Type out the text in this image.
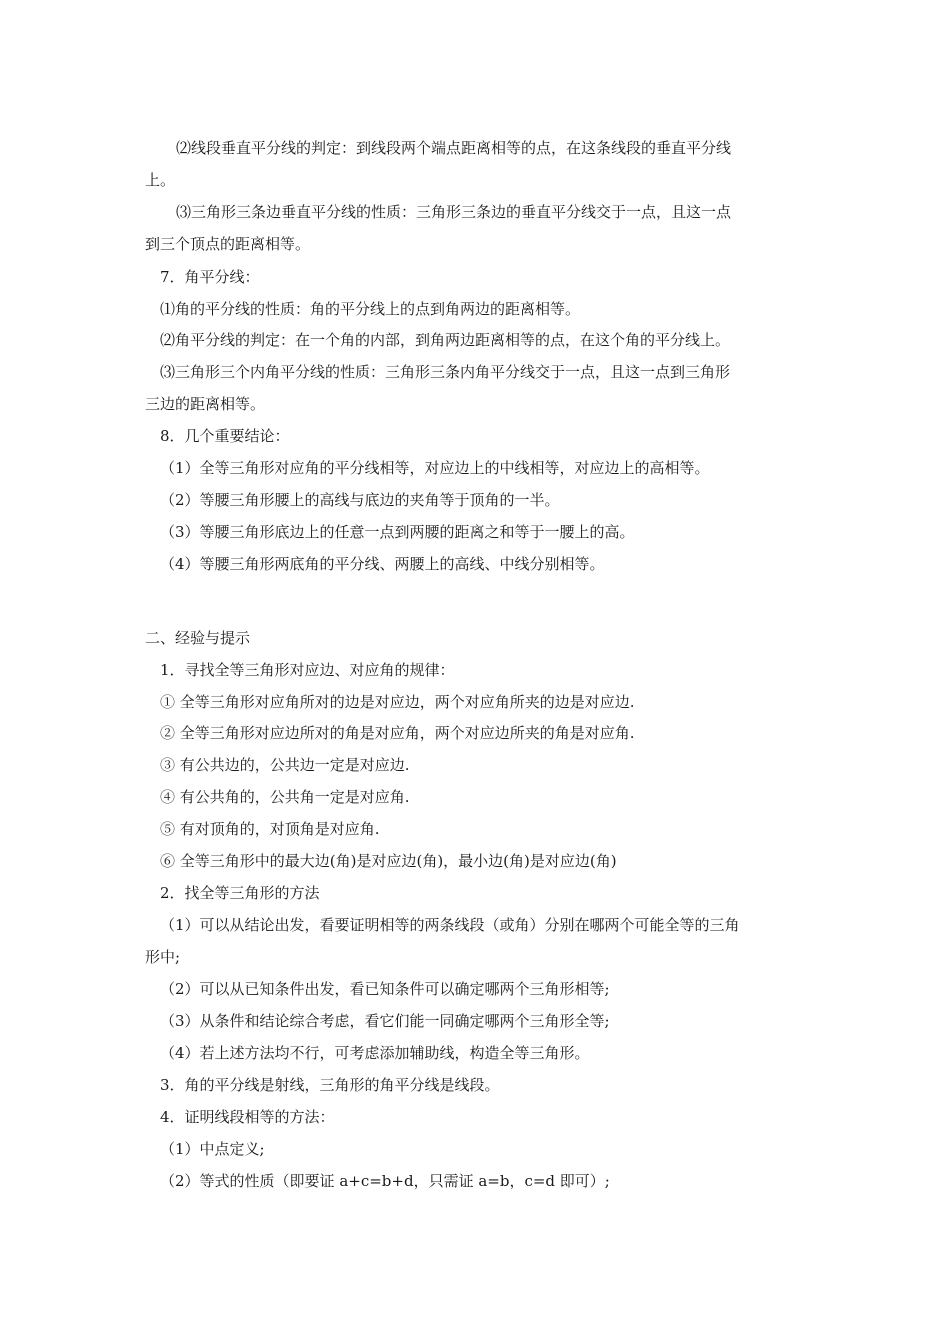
⑵线段垂直平分线的判定：到线段两个端点距离相等的点，在这条线段的垂直平分线
上。
⑶三角形三条边垂直平分线的性质：三角形三条边的垂直平分线交于一点，且这一点
到三个顶点的距离相等。
7．角平分线：
⑴角的平分线的性质：角的平分线上的点到角两边的距离相等。
⑵角平分线的判定：在一个角的内部，到角两边距离相等的点，在这个角的平分线上。
⑶三角形三个内角平分线的性质：三角形三条内角平分线交于一点，且这一点到三角形
三边的距离相等。
8．几个重要结论：
（1）全等三角形对应角的平分线相等，对应边上的中线相等，对应边上的高相等。
（2）等腰三角形腰上的高线与底边的夹角等于顶角的一半。
（3）等腰三角形底边上的任意一点到两腰的距离之和等于一腰上的高。
（4）等腰三角形两底角的平分线、两腰上的高线、中线分别相等。
二、经验与提示
1．寻找全等三角形对应边、对应角的规律：
① 全等三角形对应角所对的边是对应边，两个对应角所夹的边是对应边.
② 全等三角形对应边所对的角是对应角，两个对应边所夹的角是对应角.
③ 有公共边的，公共边一定是对应边.
④ 有公共角的，公共角一定是对应角.
⑤ 有对顶角的，对顶角是对应角.
⑥ 全等三角形中的最大边(角)是对应边(角)，最小边(角)是对应边(角)
2．找全等三角形的方法
（1）可以从结论出发，看要证明相等的两条线段（或角）分别在哪两个可能全等的三角
形中;
（2）可以从已知条件出发，看已知条件可以确定哪两个三角形相等;
（3）从条件和结论综合考虑，看它们能一同确定哪两个三角形全等;
（4）若上述方法均不行，可考虑添加辅助线，构造全等三角形。
3．角的平分线是射线，三角形的角平分线是线段。
4．证明线段相等的方法：
（1）中点定义;
（2）等式的性质（即要证 a+c=b+d，只需证 a=b，c=d 即可）;
